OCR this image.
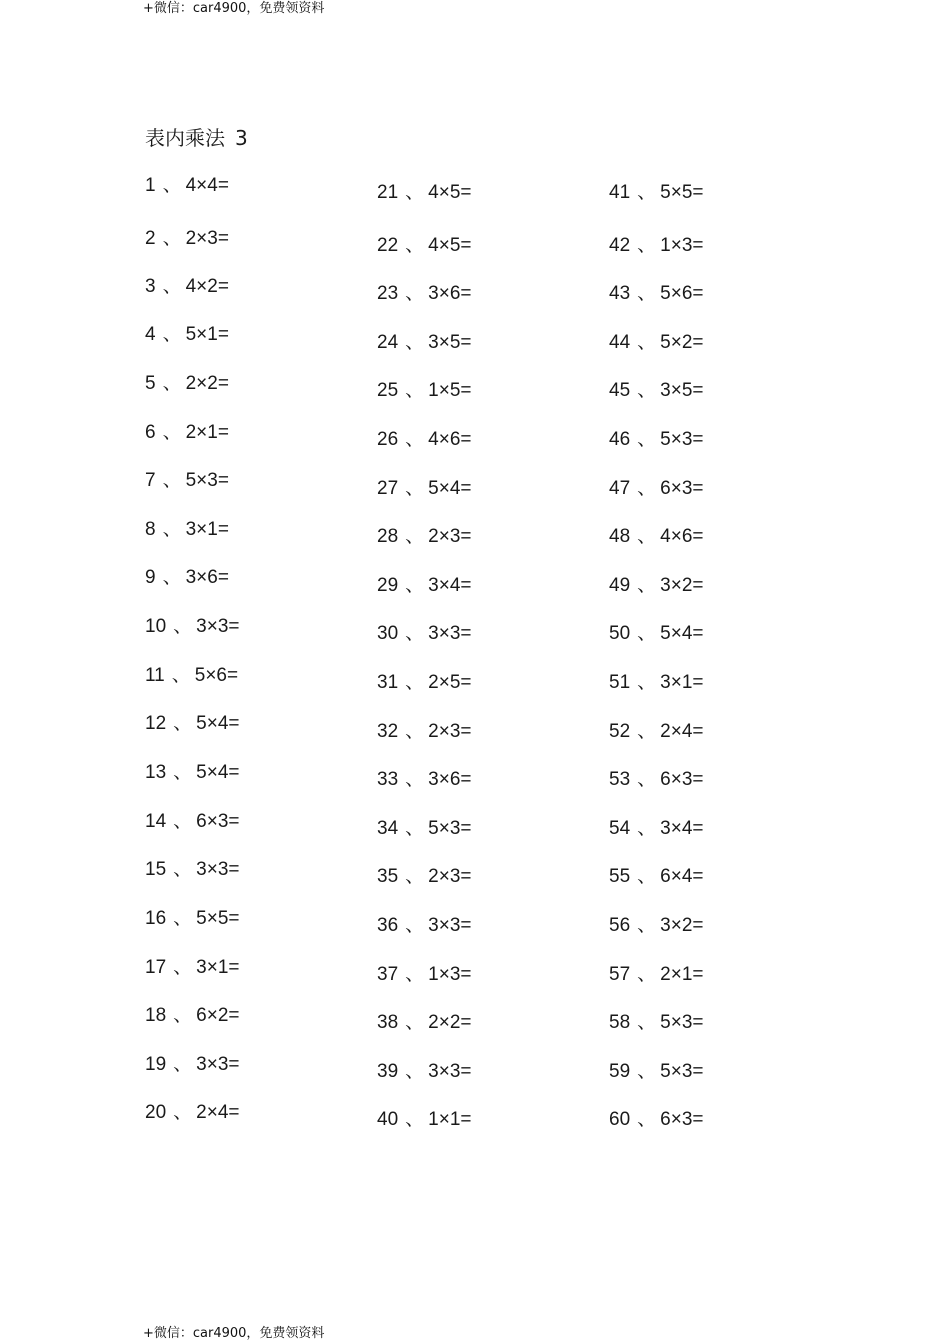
+微信：car4900，免费领资料
表内乘法 3
1 、 4×4=
2 、 2×3=
3 、 4×2=
4 、 5×1=
5 、 2×2=
6 、 2×1=
7 、 5×3=
8 、 3×1=
9 、 3×6=
10 、 3×3=
11 、 5×6=
12 、 5×4=
13 、 5×4=
14 、 6×3=
15 、 3×3=
16 、 5×5=
17 、 3×1=
18 、 6×2=
19 、 3×3=
20 、 2×4=
21 、 4×5=
22 、 4×5=
23 、 3×6=
24 、 3×5=
25 、 1×5=
26 、 4×6=
27 、 5×4=
28 、 2×3=
29 、 3×4=
30 、 3×3=
31 、 2×5=
32 、 2×3=
33 、 3×6=
34 、 5×3=
35 、 2×3=
36 、 3×3=
37 、 1×3=
38 、 2×2=
39 、 3×3=
40 、 1×1=
41 、 5×5=
42 、 1×3=
43 、 5×6=
44 、 5×2=
45 、 3×5=
46 、 5×3=
47 、 6×3=
48 、 4×6=
49 、 3×2=
50 、 5×4=
51 、 3×1=
52 、 2×4=
53 、 6×3=
54 、 3×4=
55 、 6×4=
56 、 3×2=
57 、 2×1=
58 、 5×3=
59 、 5×3=
60 、 6×3=
+微信：car4900，免费领资料
